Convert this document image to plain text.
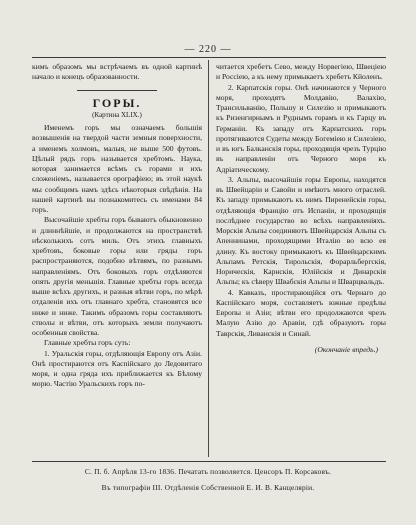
— 220 —

кимъ образомъ мы встрѣчаемъ въ одной картинѣ начало и конецъ образованности.

ГОРЫ.
(Картина XLIX.)

Именемъ горъ мы означаемъ большія возвышенія на твердой части земныя поверхности, а именемъ холмовъ, малыя, не выше 500 футовъ. Цѣлый рядъ горъ называется хребтомъ. Наука, которая занимается всѣмъ съ горами и ихъ сложеніемъ, называется орографіею; въ этой наукѣ мы сообщимъ намъ здѣсь нѣкоторыя свѣдѣнія. На нашей картинѣ вы познакомитесь съ именами 84 горъ.

Высочайшіе хребты горъ бываютъ обыкновенно и длиннѣйшіе, и продолжаются на пространствѣ нѣсколькихъ сотъ миль. Отъ этихъ главныхъ хребтовъ, боковые горы или гряды горъ распространяются, подобно вѣтвямъ, по разнымъ направленіямъ. Отъ боковыхъ горъ отдѣляются опять другія меньшія. Главные хребты горъ всегда выше всѣхъ другихъ, и разныя вѣтви горъ, по мѣрѣ отдаленія ихъ отъ главнаго хребта, становятся все ниже и ниже. Такимъ образомъ горы составляютъ стволы и вѣтви, отъ которыхъ земли получаютъ особенныя свойства.

Главные хребты горъ суть:

1. Уральскія горы, отдѣляющія Европу отъ Азіи. Онѣ простираются отъ Каспійскаго до Ледовитаго моря, и одна гряда ихъ приближается къ Бѣлому морю. Частію Уральскихъ горъ по-

читается хребетъ Сево, между Норвегіею, Швеціею и Россіею, а къ нему примыкаетъ хребетъ Кйоленъ.

2. Карпатскія горы. Онѣ начинаются у Черного моря, проходятъ Молдавію, Валахію, Трансильванію, Польшу и Силезію и примыкаютъ къ Ризенгирнымъ и Руднымъ горамъ и къ Гарцу въ Германіи. Къ западу отъ Карпатскихъ горъ протягиваются Судеты между Богеміею и Силезіею, и въ югъ Балканскія горы, проходящія чрезъ Турцію въ направленіи отъ Черного моря къ Адріатическому.

3. Альпы, высочайшія горы Европы, находятся въ Швейцаріи и Савойи и имѣютъ много отраслей. Къ западу примыкаютъ къ нимъ Пиренейскія горы, отдѣляющія Францію отъ Испаніи, и проходящія послѣднее государство во всѣхъ направленіяхъ. Морскія Альпы соединяютъ Швейцарскія Альпы съ Апеннинами, проходящими Италію во всю ея длину. Къ востоку примыкаютъ къ Швейцарскимъ Альпамъ Ретскія, Тирольскія, Форарльбергскія, Норическія, Карнскія, Юлійскія и Динарскія Альпы; къ сѣверу Швабскія Альпы и Шварцвальдъ.

4. Кавказъ, простирающійся отъ Чернаго до Каспійскаго моря, составляетъ южные предѣлы Европы и Азіи; вѣтви его продолжаются чрезъ Малую Азію до Аравіи, гдѣ образуютъ горы Таврскія, Ливанскія и Синай.

(Окончаніе впредь.)
С. П. б. Апрѣля 13-го 1836. Печатать позволяется. Ценсоръ П. Корсаковъ.
Въ типографіи III. Отдѣленія Собственной Е. И. В. Канцеляріи.
